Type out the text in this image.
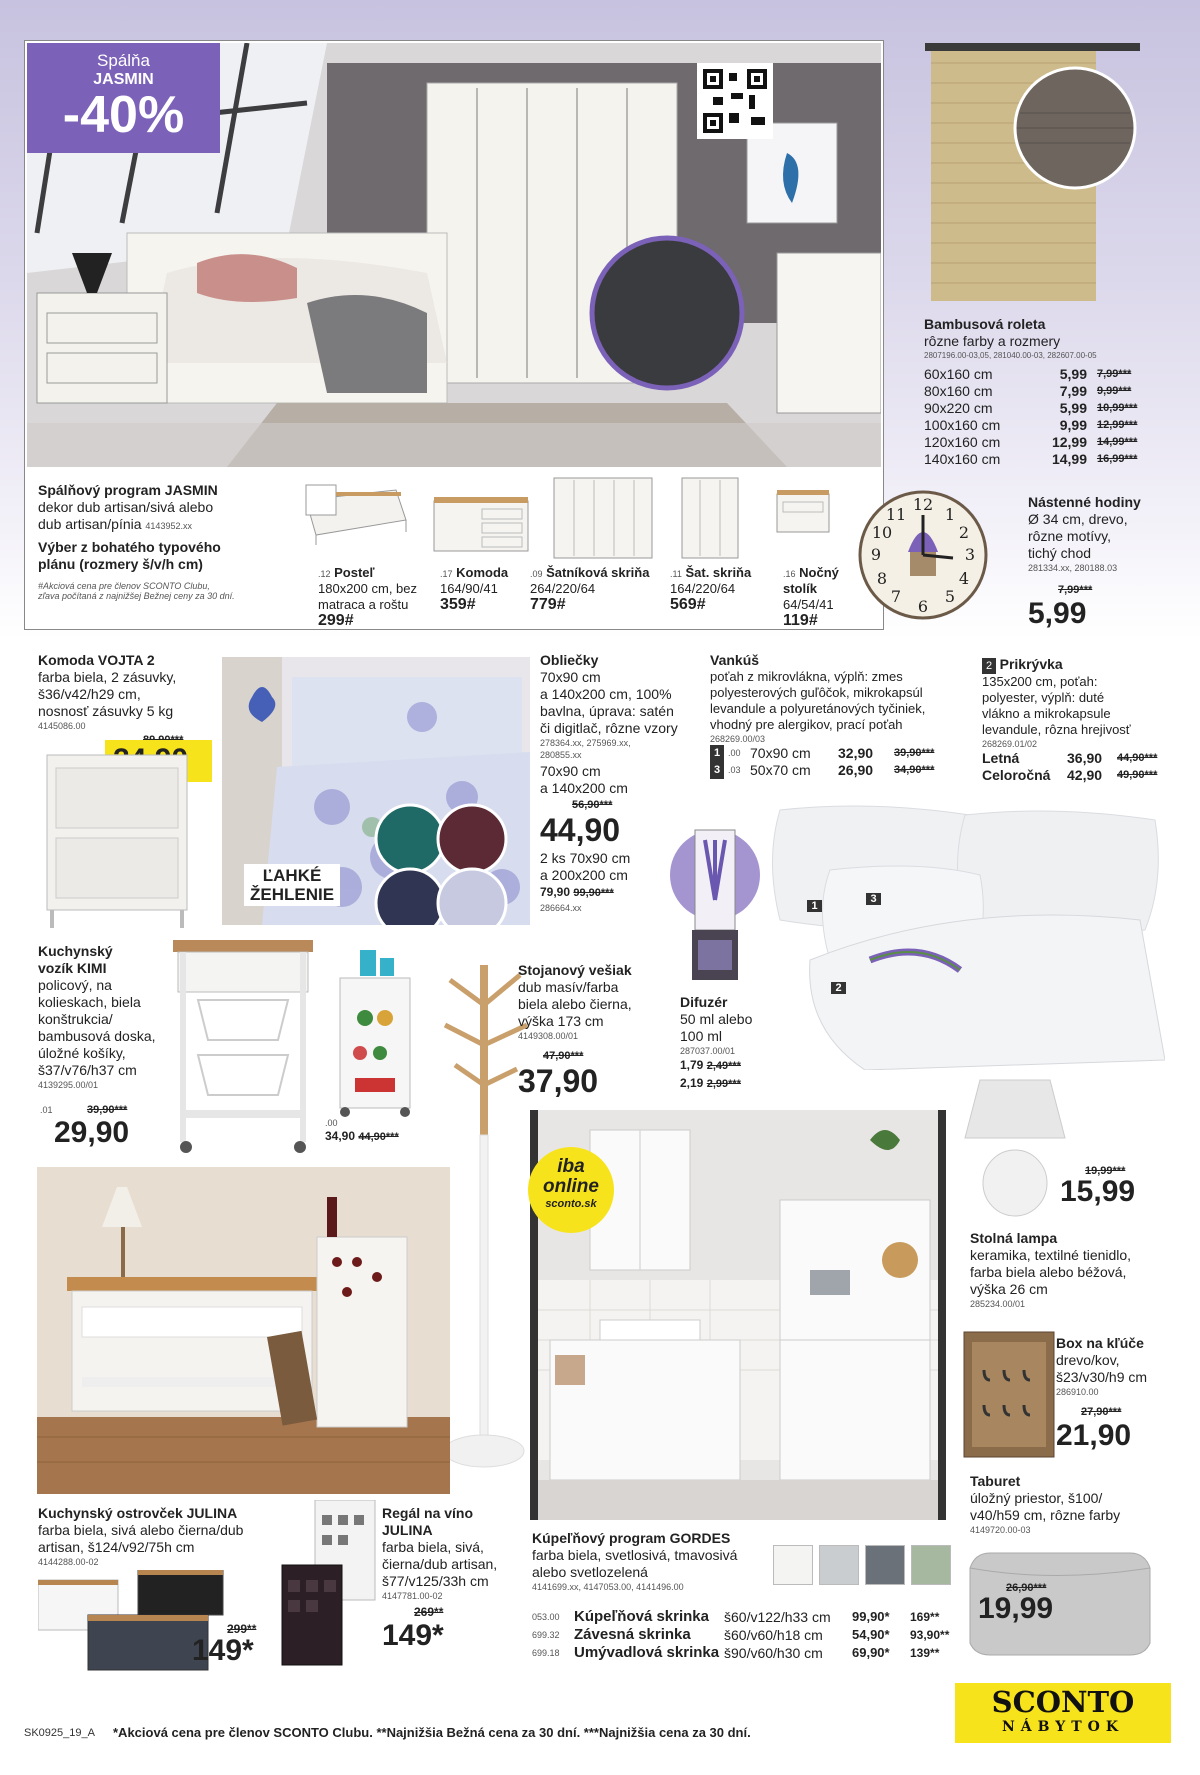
Spálňa
JASMIN
-40%
Spálňový program JASMIN
dekor dub artisan/sivá alebo
dub artisan/pínia 4143952.xx
Výber z bohatého typového
plánu (rozmery š/v/h cm)
#Akciová cena pre členov SCONTO Clubu,
zľava počítaná z najnižšej Bežnej ceny za 30 dní.
.12 Posteľ
180x200 cm, bez
matraca a roštu
299#
.17 Komoda
164/90/41
359#
.09 Šatníková skriňa
264/220/64
779#
.11 Šat. skriňa
164/220/64
569#
.16 Nočný
stolík
64/54/41
119#
12
3
6
9
1
2
4
5
7
8
10
11
Nástenné hodiny
Ø 34 cm, drevo,
rôzne motívy,
tichý chod
281334.xx, 280188.03
7,99***
5,99
Bambusová roleta
rôzne farby a rozmery
2807196.00-03,05, 281040.00-03, 282607.00-05
60x160 cm	5,99 7,99***
80x160 cm	7,99 9,99***
90x220 cm	5,99 10,99***
100x160 cm	9,99 12,99***
120x160 cm	12,99 14,99***
140x160 cm	14,99 16,99***
Komoda VOJTA 2
farba biela, 2 zásuvky,
š36/v42/h29 cm,
nosnosť zásuvky 5 kg
4145086.00
ĽAHKÉ
ŽEHLENIE
Obliečky
70x90 cm
a 140x200 cm, 100%
bavlna, úprava: satén
či digitlač, rôzne vzory
278364.xx, 275969.xx,
280855.xx
70x90 cm
a 140x200 cm
56,90***
44,90
2 ks 70x90 cm
a 200x200 cm
79,90 99,90***
286664.xx
Vankúš
poťah z mikrovlákna, výplň: zmes
polyesterových guľôčok, mikrokapsúl
levandule a polyuretánových tyčiniek,
vhodný pre alergikov, prací poťah
268269.00/03
1 .00 70x90 cm	32,90	39,90***
3 .03 50x70 cm	26,90	34,90***
2 Prikrývka
135x200 cm, poťah:
polyester, výplň: duté
vlákno a mikrokapsule
levandule, rôzna hrejivosť
268269.01/02
Letná	36,90	44,90***
Celoročná	42,90	49,90***
1
3
2
Difuzér
50 ml alebo
100 ml
287037.00/01
1,79 2,49***
2,19 2,99***
Kuchynský
vozík KIMI
policový, na
kolieskach, biela
konštrukcia/
bambusová doska,
úložné košíky,
š37/v76/h37 cm
4139295.00/01
.01	39,90***
29,90	.00
34,90 44,90***
Stojanový vešiak
dub masív/farba
biela alebo čierna,
výška 173 cm
4149308.00/01
47,90***
37,90
iba
online
sconto.sk
19,99***
15,99
Stolná lampa
keramika, textilné tienidlo,
farba biela alebo béžová,
výška 26 cm
285234.00/01
Box na kľúče
drevo/kov,
š23/v30/h9 cm
286910.00
27,90***
21,90
Taburet
úložný priestor, š100/
v40/h59 cm, rôzne farby
4149720.00-03
26,90***
19,99
Kuchynský ostrovček JULINA
farba biela, sivá alebo čierna/dub
artisan, š124/v92/75h cm
4144288.00-02
299**
149*
Regál na víno
JULINA
farba biela, sivá,
čierna/dub artisan,
š77/v125/33h cm
4147781.00-02
269**
149*
Kúpeľňový program GORDES
farba biela, svetlosivá, tmavosivá
alebo svetlozelená
4141699.xx, 4147053.00, 4141496.00
053.00 Kúpeľňová skrinka	š60/v122/h33 cm	99,90*	169**
699.32 Závesná skrinka	š60/v60/h18 cm	54,90*	93,90**
699.18 Umývadlová skrinka š90/v60/h30 cm	69,90*	139**
SK0925_19_A *Akciová cena pre členov SCONTO Clubu. **Najnižšia Bežná cena za 30 dní. ***Najnižšia cena za 30 dní.
SCONTO
NÁBYTOK
